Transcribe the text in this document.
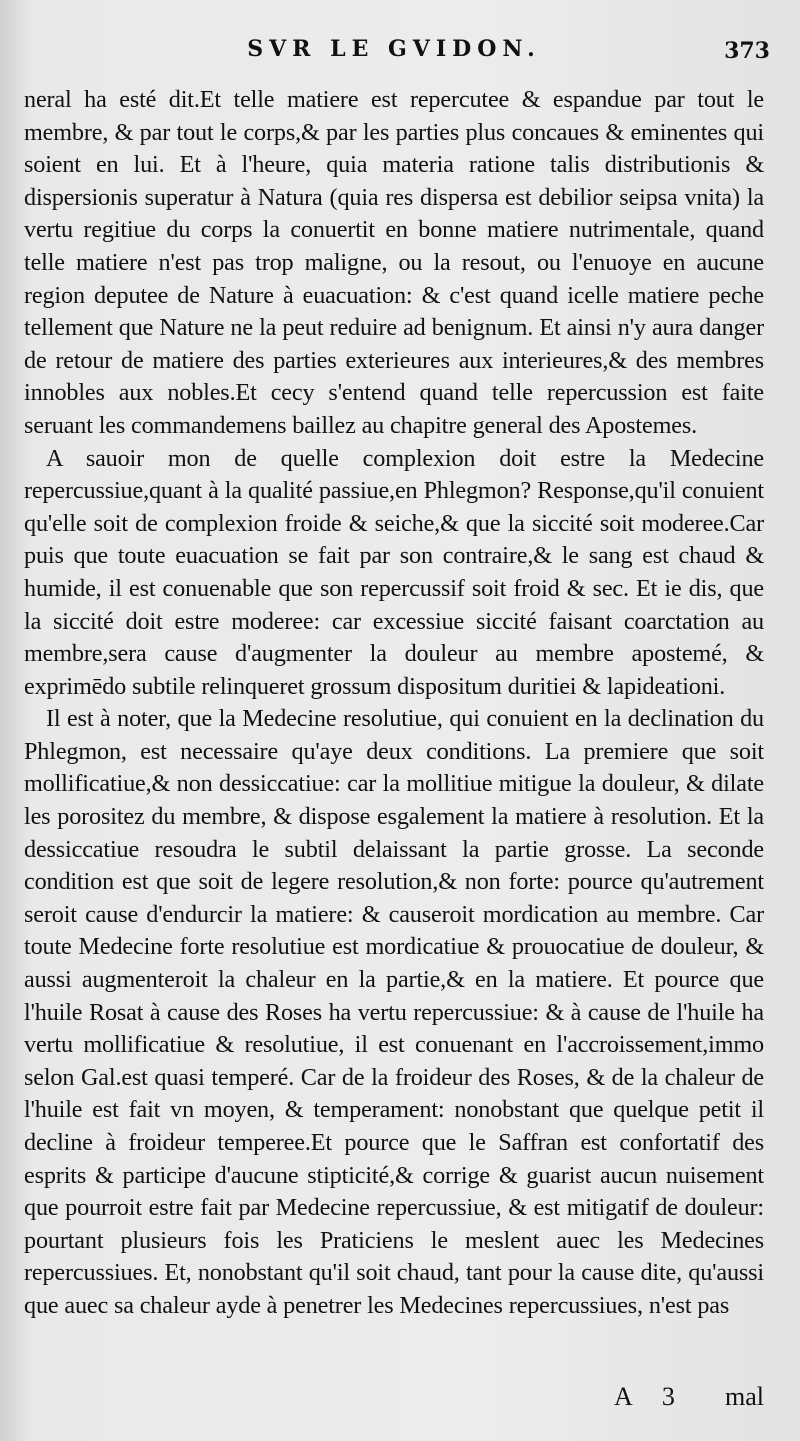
SVR LE GVIDON.	373

neral ha esté dit.Et telle matiere est repercutee & espandue par tout le membre, & par tout le corps,& par les parties plus concaues & eminentes qui soient en lui. Et à l'heure, quia materia ratione talis distributionis & dispersionis superatur à Natura (quia res dispersa est debilior seipsa vnita) la vertu regitiue du corps la conuertit en bonne matiere nutrimentale, quand telle matiere n'est pas trop maligne, ou la resout, ou l'enuoye en aucune region deputee de Nature à euacuation: & c'est quand icelle matiere peche tellement que Nature ne la peut reduire ad benignum. Et ainsi n'y aura danger de retour de matiere des parties exterieures aux interieures,& des membres innobles aux nobles.Et cecy s'entend quand telle repercussion est faite seruant les commandemens baillez au chapitre general des Apostemes.

A sauoir mon de quelle complexion doit estre la Medecine repercussiue,quant à la qualité passiue,en Phlegmon? Response,qu'il conuient qu'elle soit de complexion froide & seiche,& que la siccité soit moderee.Car puis que toute euacuation se fait par son contraire,& le sang est chaud & humide, il est conuenable que son repercussif soit froid & sec. Et ie dis, que la siccité doit estre moderee: car excessiue siccité faisant coarctation au membre,sera cause d'augmenter la douleur au membre apostemé, & exprimēdo subtile relinqueret grossum dispositum duritiei & lapideationi.

Il est à noter, que la Medecine resolutiue, qui conuient en la declination du Phlegmon, est necessaire qu'aye deux conditions. La premiere que soit mollificatiue,& non dessiccatiue: car la mollitiue mitigue la douleur, & dilate les porositez du membre, & dispose esgalement la matiere à resolution. Et la dessiccatiue resoudra le subtil delaissant la partie grosse. La seconde condition est que soit de legere resolution,& non forte: pource qu'autrement seroit cause d'endurcir la matiere: & causeroit mordication au membre. Car toute Medecine forte resolutiue est mordicatiue & prouocatiue de douleur, & aussi augmenteroit la chaleur en la partie,& en la matiere. Et pource que l'huile Rosat à cause des Roses ha vertu repercussiue: & à cause de l'huile ha vertu mollificatiue & resolutiue, il est conuenant en l'accroissement,immo selon Gal.est quasi temperé. Car de la froideur des Roses, & de la chaleur de l'huile est fait vn moyen, & temperament: nonobstant que quelque petit il decline à froideur temperee.Et pource que le Saffran est confortatif des esprits & participe d'aucune stipticité,& corrige & guarist aucun nuisement que pourroit estre fait par Medecine repercussiue, & est mitigatif de douleur: pourtant plusieurs fois les Praticiens le meslent auec les Medecines repercussiues. Et, nonobstant qu'il soit chaud, tant pour la cause dite, qu'aussi que auec sa chaleur ayde à penetrer les Medecines repercussiues, n'est pas

A 3 mal
